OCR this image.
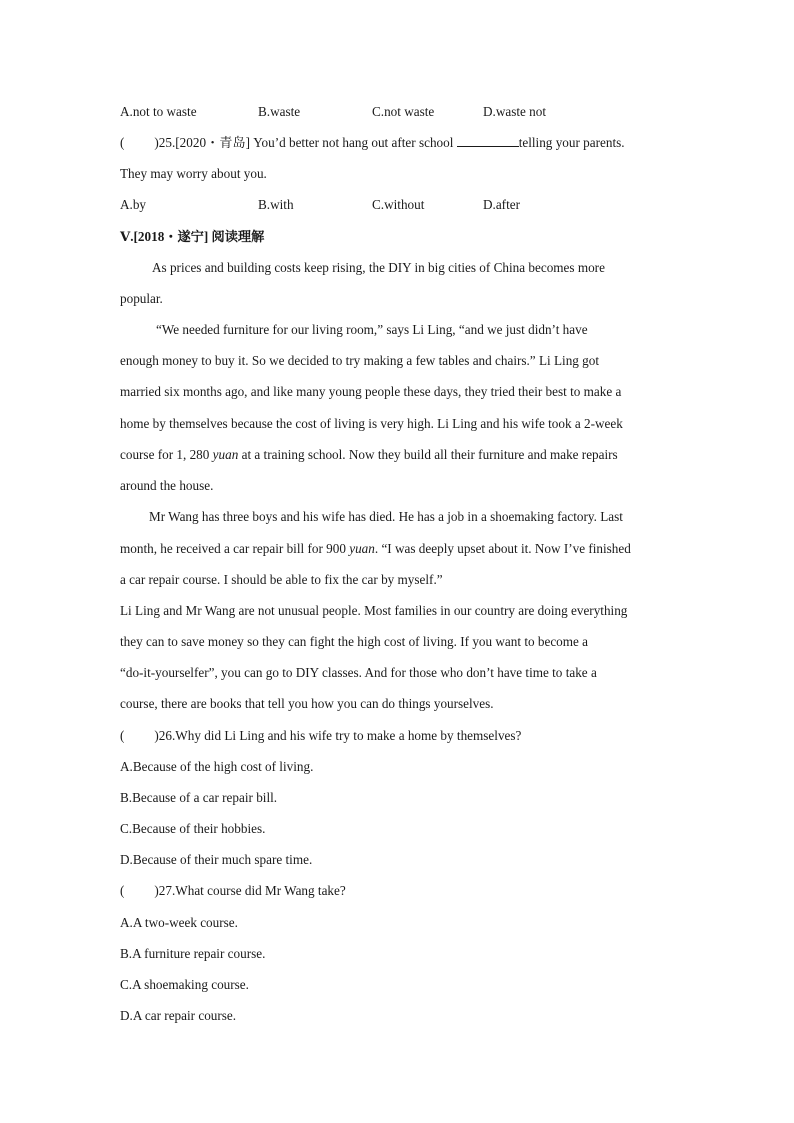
A.not to waste	B.waste	C.not waste	D.waste not
( )25.[2020・青岛] You’d better not hang out after school	telling your parents.
They may worry about you.
A.by	B.with	C.without	D.after
Ⅴ.[2018・遂宁] 阅读理解
As prices and building costs keep rising, the DIY in big cities of China becomes more
popular.
“We needed furniture for our living room,” says Li Ling, “and we just didn’t have
enough money to buy it. So we decided to try making a few tables and chairs.” Li Ling got
married six months ago, and like many young people these days, they tried their best to make a
home by themselves because the cost of living is very high. Li Ling and his wife took a 2-week
course for 1, 280 yuan at a training school. Now they build all their furniture and make repairs
around the house.
Mr Wang has three boys and his wife has died. He has a job in a shoemaking factory. Last
month, he received a car repair bill for 900 yuan. “I was deeply upset about it. Now I’ve finished
a car repair course. I should be able to fix the car by myself.”
Li Ling and Mr Wang are not unusual people. Most families in our country are doing everything
they can to save money so they can fight the high cost of living. If you want to become a
“do-it-yourselfer”, you can go to DIY classes. And for those who don’t have time to take a
course, there are books that tell you how you can do things yourselves.
( )26.Why did Li Ling and his wife try to make a home by themselves?
A.Because of the high cost of living.
B.Because of a car repair bill.
C.Because of their hobbies.
D.Because of their much spare time.
( )27.What course did Mr Wang take?
A.A two-week course.
B.A furniture repair course.
C.A shoemaking course.
D.A car repair course.
